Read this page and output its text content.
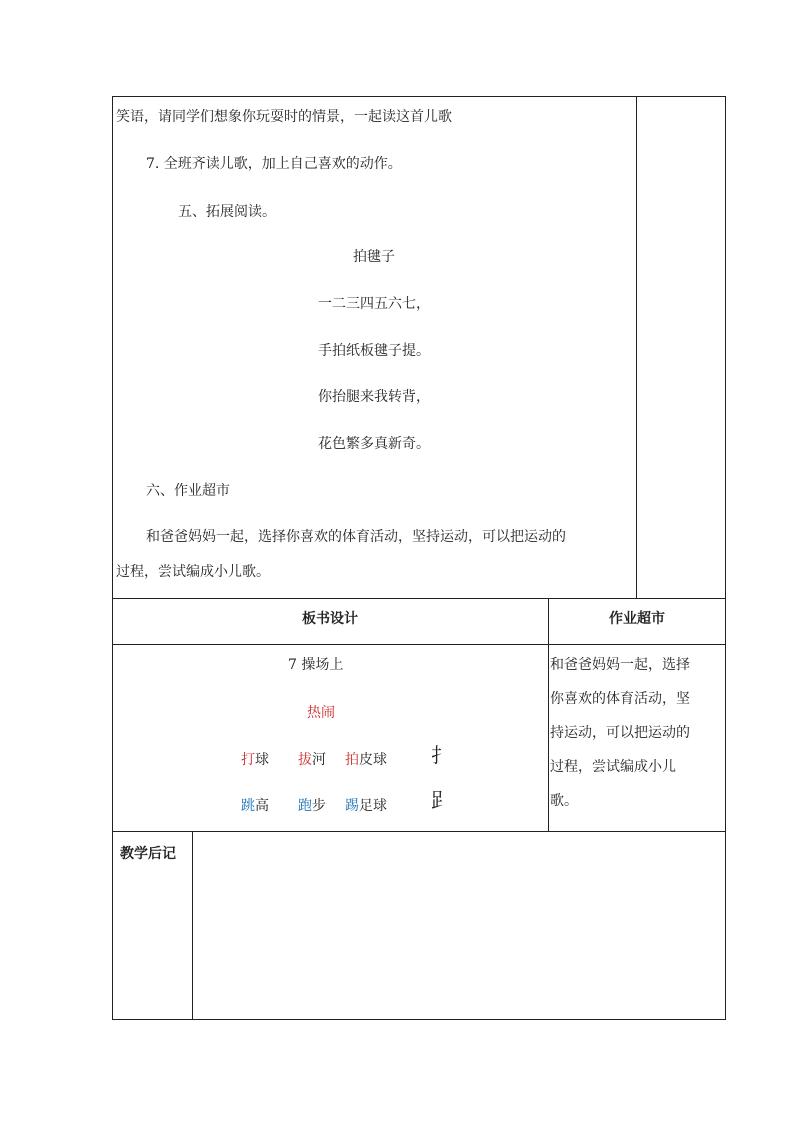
笑语，请同学们想象你玩耍时的情景，一起读这首儿歌
7. 全班齐读儿歌，加上自己喜欢的动作。
五、拓展阅读。
拍毽子
一二三四五六七，
手拍纸板毽子提。
你抬腿来我转背，
花色繁多真新奇。
六、作业超市
和爸爸妈妈一起，选择你喜欢的体育活动，坚持运动，可以把运动的
过程，尝试编成小儿歌。
板书设计	作业超市
7 操场上
热闹
打球 拔河 拍皮球 扌
跳高 跑步 踢足球 𧾷
和爸爸妈妈一起，选择
你喜欢的体育活动，坚
持运动，可以把运动的
过程，尝试编成小儿
歌。
教学后记
